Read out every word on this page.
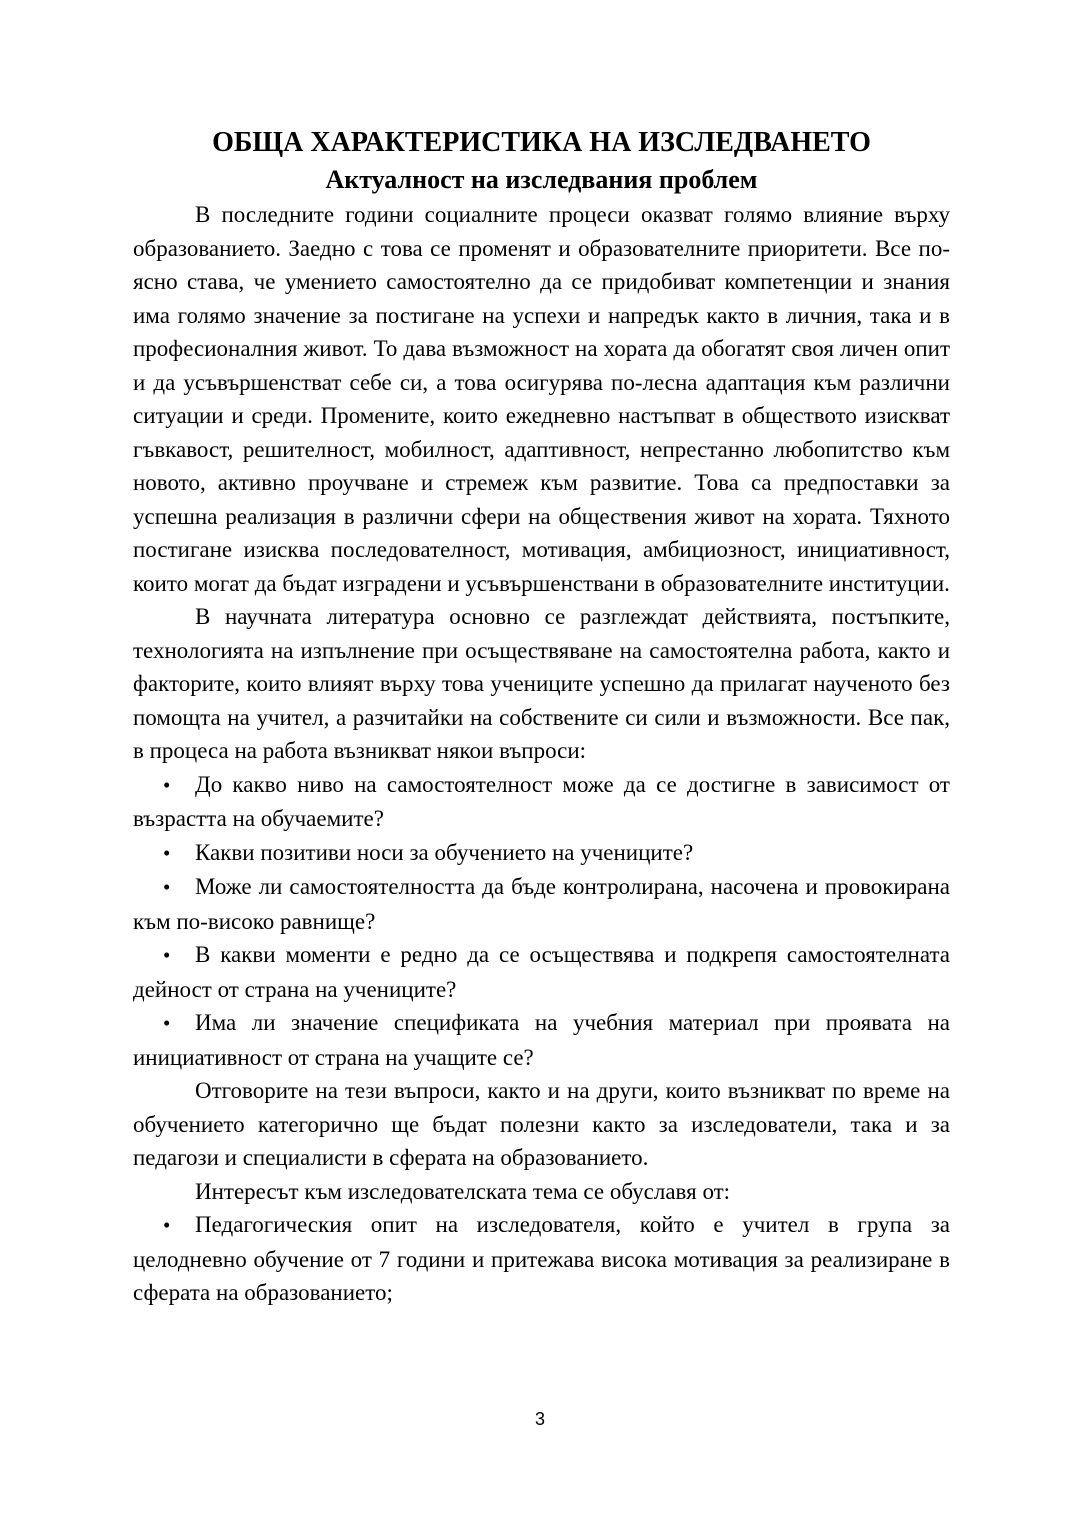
ОБЩА ХАРАКТЕРИСТИКА НА ИЗСЛЕДВАНЕТО
Актуалност на изследвания проблем

В последните години социалните процеси оказват голямо влияние върху образованието. Заедно с това се променят и образователните приоритети. Все по-ясно става, че умението самостоятелно да се придобиват компетенции и знания има голямо значение за постигане на успехи и напредък както в личния, така и в професионалния живот. То дава възможност на хората да обогатят своя личен опит и да усъвършенстват себе си, а това осигурява по-лесна адаптация към различни ситуации и среди. Промените, които ежедневно настъпват в обществото изискват гъвкавост, решителност, мобилност, адаптивност, непрестанно любопитство към новото, активно проучване и стремеж към развитие. Това са предпоставки за успешна реализация в различни сфери на обществения живот на хората. Тяхното постигане изисква последователност, мотивация, амбициозност, инициативност, които могат да бъдат изградени и усъвършенствани в образователните институции.

В научната литература основно се разглеждат действията, постъпките, технологията на изпълнение при осъществяване на самостоятелна работа, както и факторите, които влияят върху това учениците успешно да прилагат наученото без помощта на учител, а разчитайки на собствените си сили и възможности. Все пак, в процеса на работа възникват някои въпроси:

• До какво ниво на самостоятелност може да се достигне в зависимост от възрастта на обучаемите?

• Какви позитиви носи за обучението на учениците?

• Може ли самостоятелността да бъде контролирана, насочена и провокирана към по-високо равнище?

• В какви моменти е редно да се осъществява и подкрепя самостоятелната дейност от страна на учениците?

• Има ли значение спецификата на учебния материал при проявата на инициативност от страна на учащите се?

Отговорите на тези въпроси, както и на други, които възникват по време на обучението категорично ще бъдат полезни както за изследователи, така и за педагози и специалисти в сферата на образованието.

Интересът към изследователската тема се обуславя от:

• Педагогическия опит на изследователя, който е учител в група за целодневно обучение от 7 години и притежава висока мотивация за реализиране в сферата на образованието;

3
